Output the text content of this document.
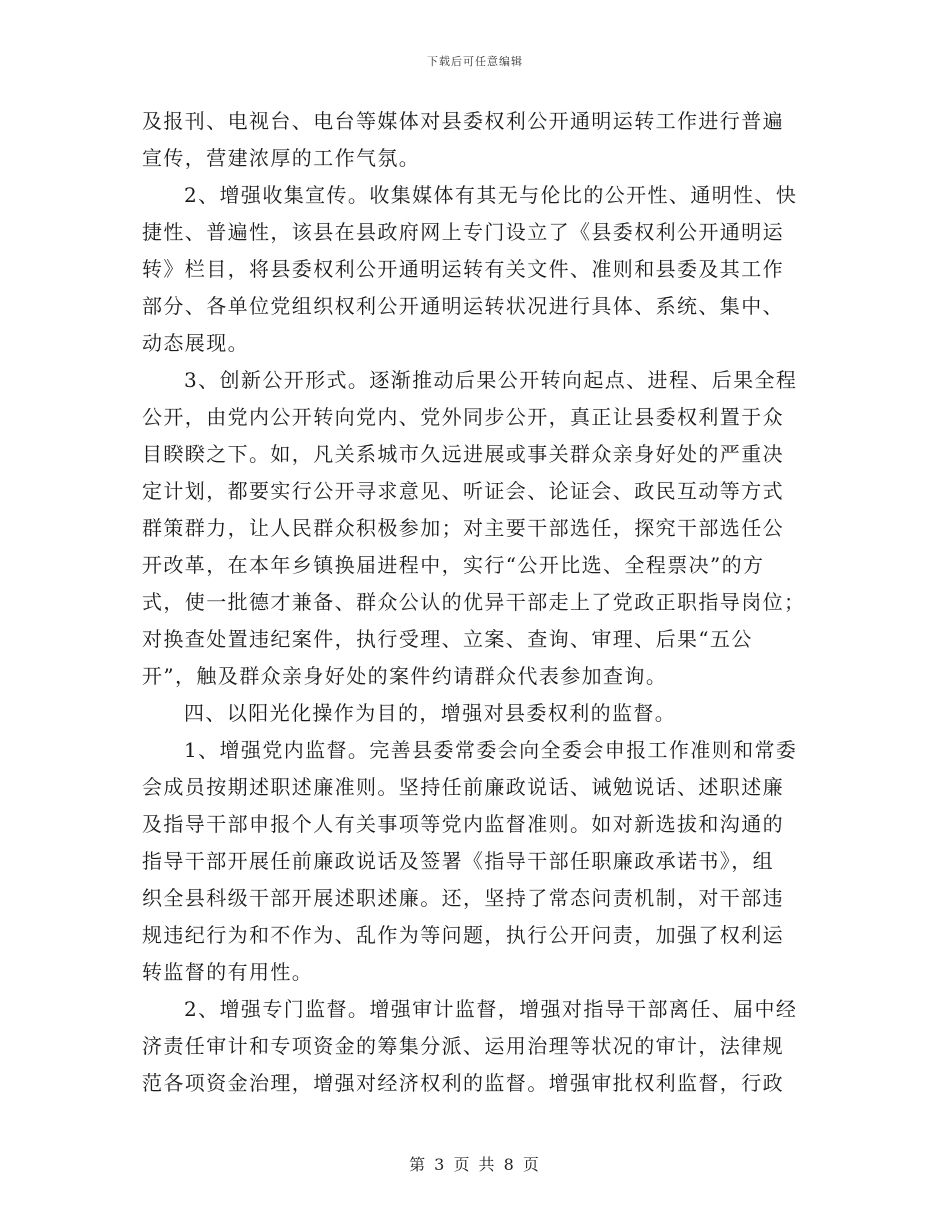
下载后可任意编辑
及报刊、电视台、电台等媒体对县委权利公开通明运转工作进行普遍
宣传，营建浓厚的工作气氛。
2、增强收集宣传。收集媒体有其无与伦比的公开性、通明性、快
捷性、普遍性，该县在县政府网上专门设立了《县委权利公开通明运
转》栏目，将县委权利公开通明运转有关文件、准则和县委及其工作
部分、各单位党组织权利公开通明运转状况进行具体、系统、集中、
动态展现。
3、创新公开形式。逐渐推动后果公开转向起点、进程、后果全程
公开，由党内公开转向党内、党外同步公开，真正让县委权利置于众
目睽睽之下。如，凡关系城市久远进展或事关群众亲身好处的严重决
定计划，都要实行公开寻求意见、听证会、论证会、政民互动等方式
群策群力，让人民群众积极参加；对主要干部选任，探究干部选任公
开改革，在本年乡镇换届进程中，实行“公开比选、全程票决”的方
式，使一批德才兼备、群众公认的优异干部走上了党政正职指导岗位；
对换查处置违纪案件，执行受理、立案、查询、审理、后果“五公
开”，触及群众亲身好处的案件约请群众代表参加查询。
四、以阳光化操作为目的，增强对县委权利的监督。
1、增强党内监督。完善县委常委会向全委会申报工作准则和常委
会成员按期述职述廉准则。坚持任前廉政说话、诫勉说话、述职述廉
及指导干部申报个人有关事项等党内监督准则。如对新选拔和沟通的
指导干部开展任前廉政说话及签署《指导干部任职廉政承诺书》，组
织全县科级干部开展述职述廉。还，坚持了常态问责机制，对干部违
规违纪行为和不作为、乱作为等问题，执行公开问责，加强了权利运
转监督的有用性。
2、增强专门监督。增强审计监督，增强对指导干部离任、届中经
济责任审计和专项资金的筹集分派、运用治理等状况的审计，法律规
范各项资金治理，增强对经济权利的监督。增强审批权利监督，行政
第 3 页 共 8 页
